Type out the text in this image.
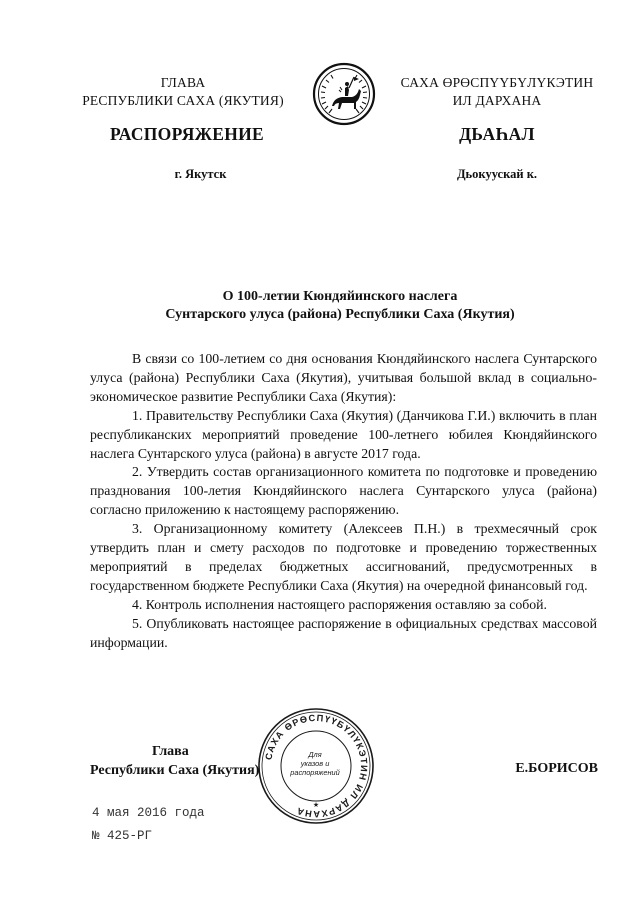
ГЛАВА
РЕСПУБЛИКИ САХА (ЯКУТИЯ)
САХА ӨРӨСПҮҮБҮЛҮКЭТИН
ИЛ ДАРХАНА
РАСПОРЯЖЕНИЕ	ДЬАҺАЛ
г. Якутск	Дьокуускай к.
О 100-летии Кюндяйинского наслега
Сунтарского улуса (района) Республики Саха (Якутия)

В связи со 100-летием со дня основания Кюндяйинского наслега Сунтарского улуса (района) Республики Саха (Якутия), учитывая большой вклад в социально-экономическое развитие Республики Саха (Якутия):

1. Правительству Республики Саха (Якутия) (Данчикова Г.И.) включить в план республиканских мероприятий проведение 100-летнего юбилея Кюндяйинского наслега Сунтарского улуса (района) в августе 2017 года.

2. Утвердить состав организационного комитета по подготовке и проведению празднования 100-летия Кюндяйинского наслега Сунтарского улуса (района) согласно приложению к настоящему распоряжению.

3. Организационному комитету (Алексеев П.Н.) в трехмесячный срок утвердить план и смету расходов по подготовке и проведению торжественных мероприятий в пределах бюджетных ассигнований, предусмотренных в государственном бюджете Республики Саха (Якутия) на очередной финансовый год.

4. Контроль исполнения настоящего распоряжения оставляю за собой.

5. Опубликовать настоящее распоряжение в официальных средствах массовой информации.

Глава
Республики Саха (Якутия)
САХА ӨРӨСПҮҮБҮЛҮКЭТИН ИЛ ДАРХАНА
★
Для
указов и
распоряжений	Е.БОРИСОВ
4 мая 2016 года
№ 425-РГ
